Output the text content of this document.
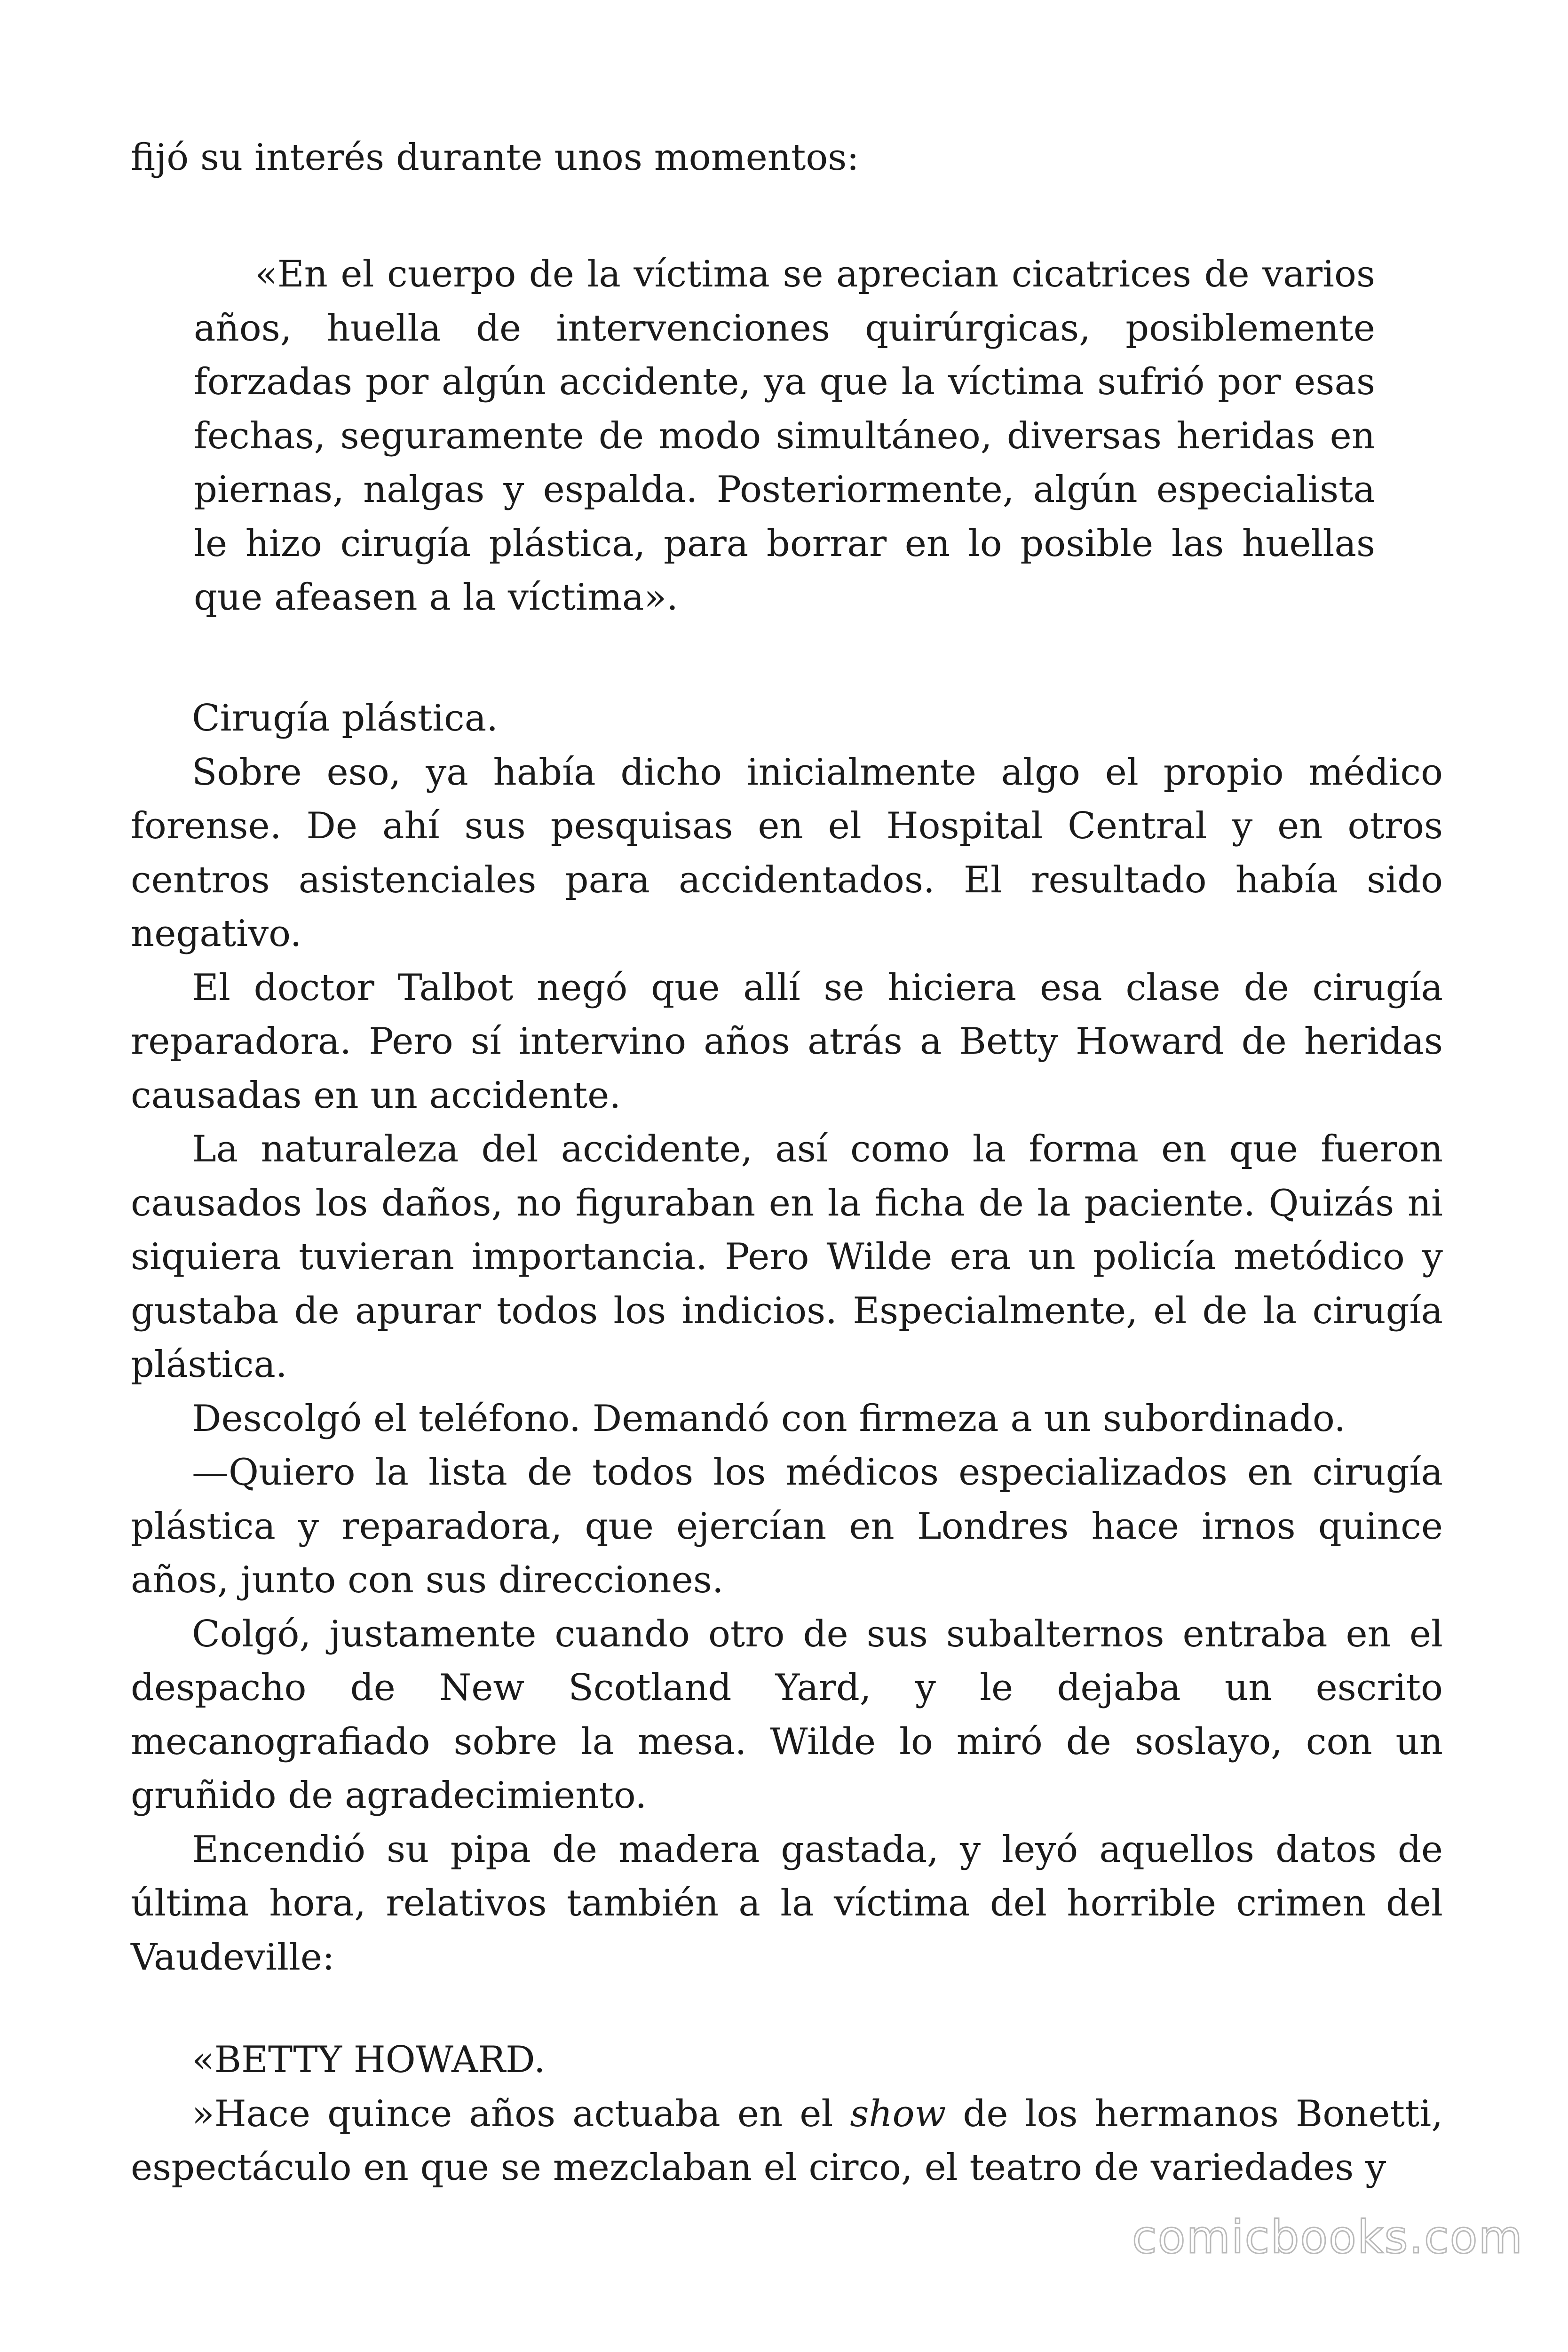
fijó su interés durante unos momentos:

«En el cuerpo de la víctima se aprecian cicatrices de varios años, huella de intervenciones quirúrgicas, posiblemente forzadas por algún accidente, ya que la víctima sufrió por esas fechas, seguramente de modo simultáneo, diversas heridas en piernas, nalgas y espalda. Posteriormente, algún especialista le hizo cirugía plástica, para borrar en lo posible las huellas que afeasen a la víctima».

Cirugía plástica.

Sobre eso, ya había dicho inicialmente algo el propio médico forense. De ahí sus pesquisas en el Hospital Central y en otros centros asistenciales para accidentados. El resultado había sido negativo.

El doctor Talbot negó que allí se hiciera esa clase de cirugía reparadora. Pero sí intervino años atrás a Betty Howard de heridas causadas en un accidente.

La naturaleza del accidente, así como la forma en que fueron causados los daños, no figuraban en la ficha de la paciente. Quizás ni siquiera tuvieran importancia. Pero Wilde era un policía metódico y gustaba de apurar todos los indicios. Especialmente, el de la cirugía plástica.

Descolgó el teléfono. Demandó con firmeza a un subordinado.

—Quiero la lista de todos los médicos especializados en cirugía plástica y reparadora, que ejercían en Londres hace irnos quince años, junto con sus direcciones.

Colgó, justamente cuando otro de sus subalternos entraba en el despacho de New Scotland Yard, y le dejaba un escrito mecanografiado sobre la mesa. Wilde lo miró de soslayo, con un gruñido de agradecimiento.

Encendió su pipa de madera gastada, y leyó aquellos datos de última hora, relativos también a la víctima del horrible crimen del Vaudeville:

«BETTY HOWARD.

»Hace quince años actuaba en el show de los hermanos Bonetti, espectáculo en que se mezclaban el circo, el teatro de variedades y

comicbooks.com
